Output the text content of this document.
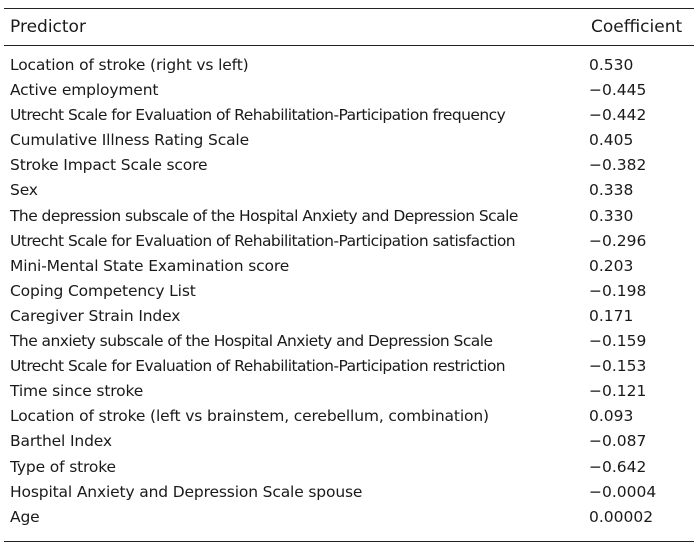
Predictor	Coefficient
Location of stroke (right vs left)	0.530
Active employment	−0.445
Utrecht Scale for Evaluation of Rehabilitation-Participation frequency	−0.442
Cumulative Illness Rating Scale	0.405
Stroke Impact Scale score	−0.382
Sex	0.338
The depression subscale of the Hospital Anxiety and Depression Scale	0.330
Utrecht Scale for Evaluation of Rehabilitation-Participation satisfaction	−0.296
Mini-Mental State Examination score	0.203
Coping Competency List	−0.198
Caregiver Strain Index	0.171
The anxiety subscale of the Hospital Anxiety and Depression Scale	−0.159
Utrecht Scale for Evaluation of Rehabilitation-Participation restriction	−0.153
Time since stroke	−0.121
Location of stroke (left vs brainstem, cerebellum, combination)	0.093
Barthel Index	−0.087
Type of stroke	−0.642
Hospital Anxiety and Depression Scale spouse	−0.0004
Age	0.00002
